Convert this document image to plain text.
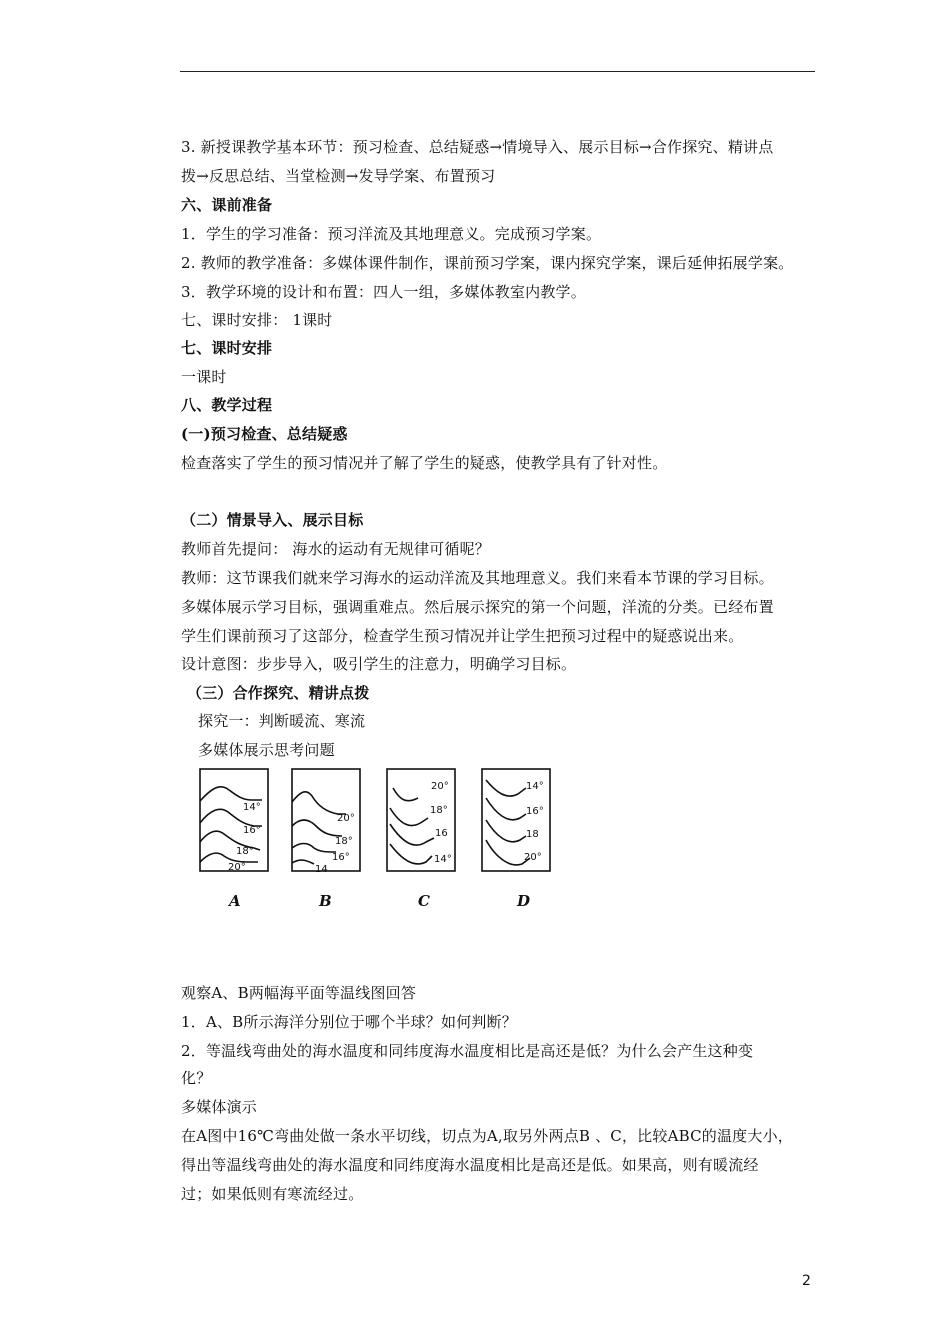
3. 新授课教学基本环节：预习检查、总结疑惑→情境导入、展示目标→合作探究、精讲点
拨→反思总结、当堂检测→发导学案、布置预习
六、课前准备
1．学生的学习准备：预习洋流及其地理意义。完成预习学案。
2. 教师的教学准备：多媒体课件制作，课前预习学案，课内探究学案，课后延伸拓展学案。
3．教学环境的设计和布置：四人一组，多媒体教室内教学。
七、课时安排： 1课时
七、课时安排
一课时
八、教学过程
(一)预习检查、总结疑惑
检查落实了学生的预习情况并了解了学生的疑惑，使教学具有了针对性。
（二）情景导入、展示目标
教师首先提问： 海水的运动有无规律可循呢？
教师：这节课我们就来学习海水的运动洋流及其地理意义。我们来看本节课的学习目标。
多媒体展示学习目标，强调重难点。然后展示探究的第一个问题，洋流的分类。已经布置
学生们课前预习了这部分，检查学生预习情况并让学生把预习过程中的疑惑说出来。
设计意图：步步导入，吸引学生的注意力，明确学习目标。
（三）合作探究、精讲点拨
探究一：判断暖流、寒流
多媒体展示思考问题
14°
16°
18°
20°
20°
18°
16°
14
20°
18°
16
14°
14°
16°
18
20°
A	B	C	D
观察A、B两幅海平面等温线图回答
1．A、B所示海洋分别位于哪个半球？如何判断？
2．等温线弯曲处的海水温度和同纬度海水温度相比是高还是低？为什么会产生这种变
化？
多媒体演示
在A图中16℃弯曲处做一条水平切线，切点为A,取另外两点B 、C，比较ABC的温度大小，
得出等温线弯曲处的海水温度和同纬度海水温度相比是高还是低。如果高，则有暖流经
过；如果低则有寒流经过。
2
